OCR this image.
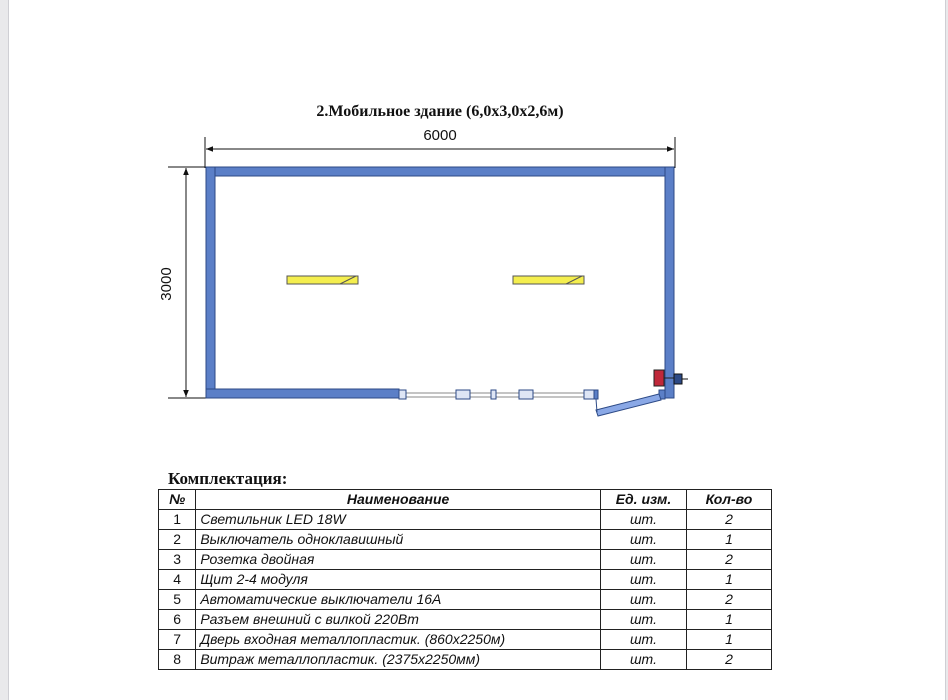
2.Мобильное здание (6,0х3,0х2,6м)
6000
3000
Комплектация:
№	Наименование	Ед. изм.	Кол-во
1	Светильник LED 18W	шт.	2
2	Выключатель одноклавишный	шт.	1
3	Розетка двойная	шт.	2
4	Щит 2-4 модуля	шт.	1
5	Автоматические выключатели 16А	шт.	2
6	Разъем внешний с вилкой 220Вт	шт.	1
7	Дверь входная металлопластик. (860х2250м)	шт.	1
8	Витраж металлопластик. (2375х2250мм)	шт.	2
